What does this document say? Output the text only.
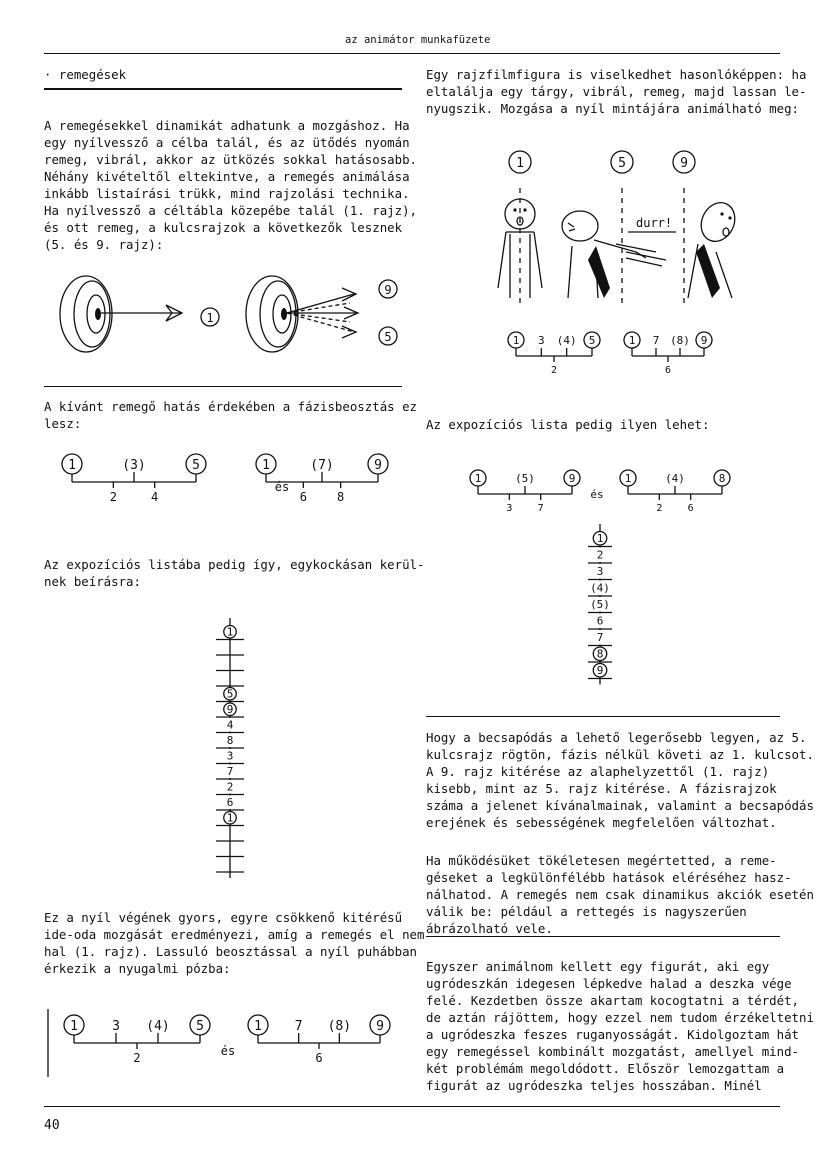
az animátor munkafüzete
· remegések
A remegésekkel dinamikát adhatunk a mozgáshoz. Ha
egy nyílvessző a célba talál, és az ütődés nyomán
remeg, vibrál, akkor az ütközés sokkal hatásosabb.
Néhány kivételtől eltekintve, a remegés animálása
inkább listaírási trükk, mind rajzolási technika.
Ha nyílvessző a céltábla közepébe talál (1. rajz),
és ott remeg, a kulcsrajzok a következők lesznek
(5. és 9. rajz):
A kívánt remegő hatás érdekében a fázisbeosztás ez
lesz:
Az expozíciós listába pedig így, egykockásan kerül-
nek beírásra:
Ez a nyíl végének gyors, egyre csökkenő kitérésű
ide-oda mozgását eredményezi, amíg a remegés el nem
hal (1. rajz). Lassuló beosztással a nyíl puhábban
érkezik a nyugalmi pózba:
Egy rajzfilmfigura is viselkedhet hasonlóképpen: ha
eltalálja egy tárgy, vibrál, remeg, majd lassan le-
nyugszik. Mozgása a nyíl mintájára animálható meg:
Az expozíciós lista pedig ilyen lehet:
Hogy a becsapódás a lehető legerősebb legyen, az 5.
kulcsrajz rögtön, fázis nélkül követi az 1. kulcsot.
A 9. rajz kitérése az alaphelyzettől (1. rajz)
kisebb, mint az 5. rajz kitérése. A fázisrajzok
száma a jelenet kívánalmainak, valamint a becsapódás
erejének és sebességének megfelelően változhat.
Ha működésüket tökéletesen megértetted, a reme-
géseket a legkülönfélébb hatások eléréséhez hasz-
nálhatod. A remegés nem csak dinamikus akciók esetén
válik be: például a rettegés is nagyszerűen
ábrázolható vele.
Egyszer animálnom kellett egy figurát, aki egy
ugródeszkán idegesen lépkedve halad a deszka vége
felé. Kezdetben össze akartam kocogtatni a térdét,
de aztán rájöttem, hogy ezzel nem tudom érzékeltetni
a ugródeszka feszes ruganyosságát. Kidolgoztam hát
egy remegéssel kombinált mozgatást, amellyel mind-
két problémám megoldódott. Először lemozgattam a
figurát az ugródeszka teljes hosszában. Minél
1
9
5
1	(3)	5
2	4
és
1	(7)	9
6	8
1
5
9
4
8
3
7
2
6
1
1	3 (4) 5
2	és
1	7 (8) 9
6
1	5	9
durr!
1 3 (4) 5
2
1 7 (8) 9
6
1	(5)	9
3	7
és
1	(4)	8
2	6
1
2
3
(4)
(5)
6
7
8
9
40
